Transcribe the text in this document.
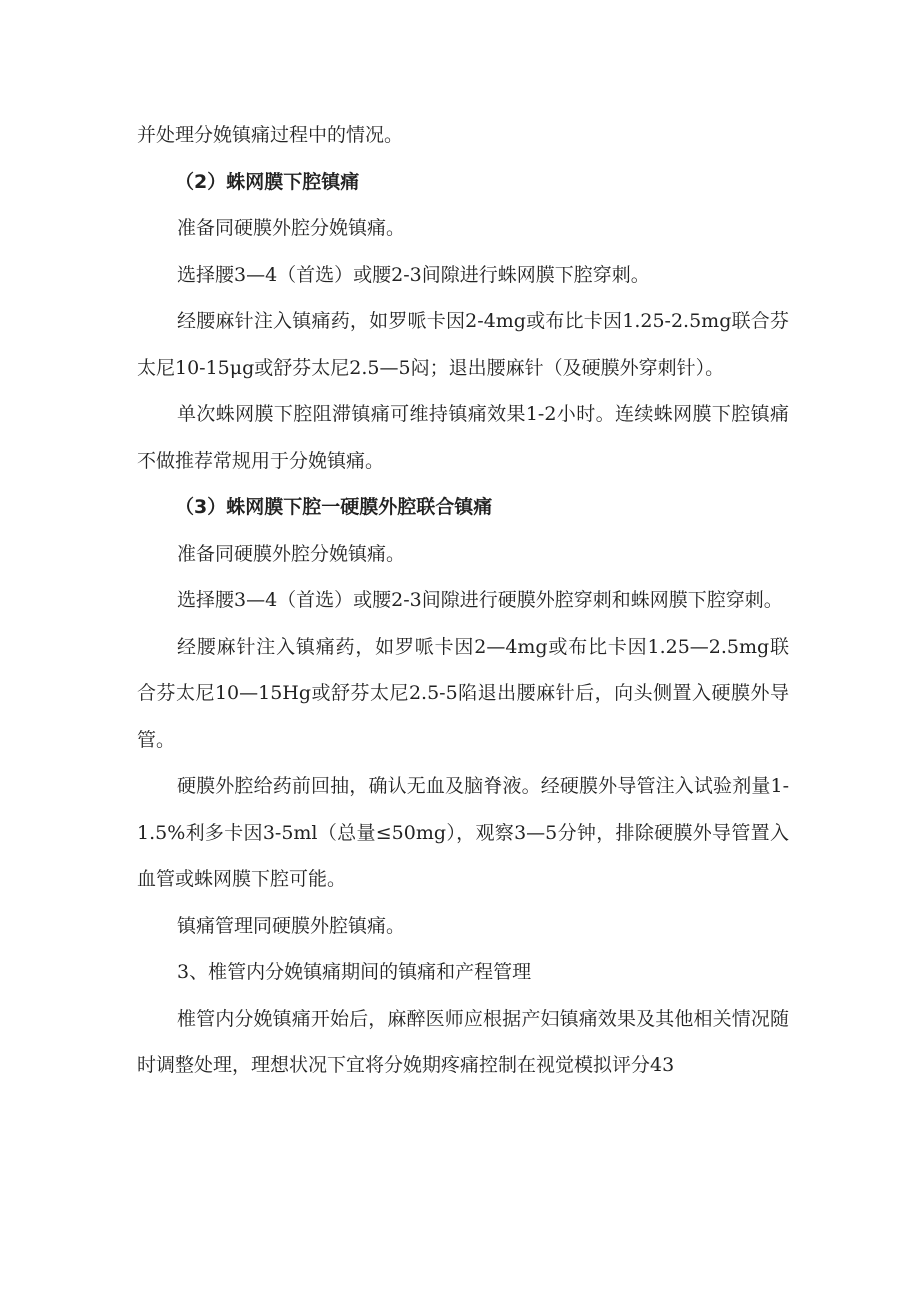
并处理分娩镇痛过程中的情况。

（2）蛛网膜下腔镇痛

准备同硬膜外腔分娩镇痛。

选择腰3—4（首选）或腰2-3间隙进行蛛网膜下腔穿刺。

经腰麻针注入镇痛药，如罗哌卡因2-4mg或布比卡因1.25-2.5mg联合芬太尼10-15μg或舒芬太尼2.5—5闷；退出腰麻针（及硬膜外穿刺针）。

单次蛛网膜下腔阻滞镇痛可维持镇痛效果1-2小时。连续蛛网膜下腔镇痛不做推荐常规用于分娩镇痛。

（3）蛛网膜下腔一硬膜外腔联合镇痛

准备同硬膜外腔分娩镇痛。

选择腰3—4（首选）或腰2-3间隙进行硬膜外腔穿刺和蛛网膜下腔穿刺。

经腰麻针注入镇痛药，如罗哌卡因2—4mg或布比卡因1.25—2.5mg联合芬太尼10—15Hg或舒芬太尼2.5-5陷退出腰麻针后，向头侧置入硬膜外导管。

硬膜外腔给药前回抽，确认无血及脑脊液。经硬膜外导管注入试验剂量1-1.5%利多卡因3-5ml（总量≤50mg），观察3—5分钟，排除硬膜外导管置入血管或蛛网膜下腔可能。

镇痛管理同硬膜外腔镇痛。

3、椎管内分娩镇痛期间的镇痛和产程管理

椎管内分娩镇痛开始后，麻醉医师应根据产妇镇痛效果及其他相关情况随时调整处理，理想状况下宜将分娩期疼痛控制在视觉模拟评分43
